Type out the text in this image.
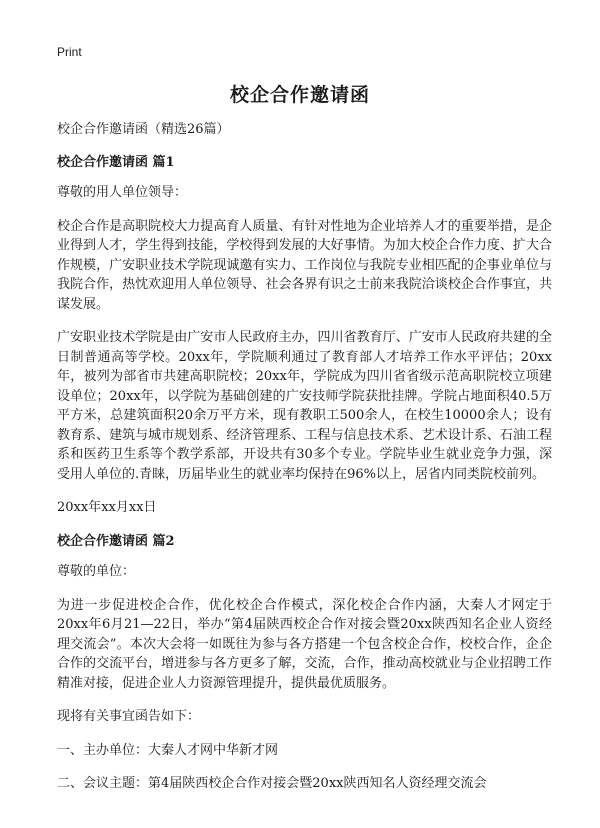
Print
校企合作邀请函

校企合作邀请函（精选26篇）

校企合作邀请函 篇1

尊敬的用人单位领导：

校企合作是高职院校大力提高育人质量、有针对性地为企业培养人才的重要举措，是企业得到人才，学生得到技能，学校得到发展的大好事情。为加大校企合作力度、扩大合作规模，广安职业技术学院现诚邀有实力、工作岗位与我院专业相匹配的企事业单位与我院合作，热忱欢迎用人单位领导、社会各界有识之士前来我院洽谈校企合作事宜，共谋发展。

广安职业技术学院是由广安市人民政府主办，四川省教育厅、广安市人民政府共建的全日制普通高等学校。20xx年，学院顺利通过了教育部人才培养工作水平评估；20xx年，被列为部省市共建高职院校；20xx年，学院成为四川省省级示范高职院校立项建设单位；20xx年，以学院为基础创建的广安技师学院获批挂牌。学院占地面积40.5万平方米，总建筑面积20余万平方米，现有教职工500余人，在校生10000余人；设有教育系、建筑与城市规划系、经济管理系、工程与信息技术系、艺术设计系、石油工程系和医药卫生系等个教学系部，开设共有30多个专业。学院毕业生就业竞争力强，深受用人单位的.青睐，历届毕业生的就业率均保持在96%以上，居省内同类院校前列。

20xx年xx月xx日

校企合作邀请函 篇2

尊敬的单位：

为进一步促进校企合作，优化校企合作模式，深化校企合作内涵，大秦人才网定于20xx年6月21—22日，举办“第4届陕西校企合作对接会暨20xx陕西知名企业人资经理交流会”。本次大会将一如既往为参与各方搭建一个包含校企合作，校校合作，企企合作的交流平台，增进参与各方更多了解，交流，合作，推动高校就业与企业招聘工作精准对接，促进企业人力资源管理提升，提供最优质服务。

现将有关事宜函告如下：

一、主办单位：大秦人才网中华新才网

二、会议主题：第4届陕西校企合作对接会暨20xx陕西知名人资经理交流会
